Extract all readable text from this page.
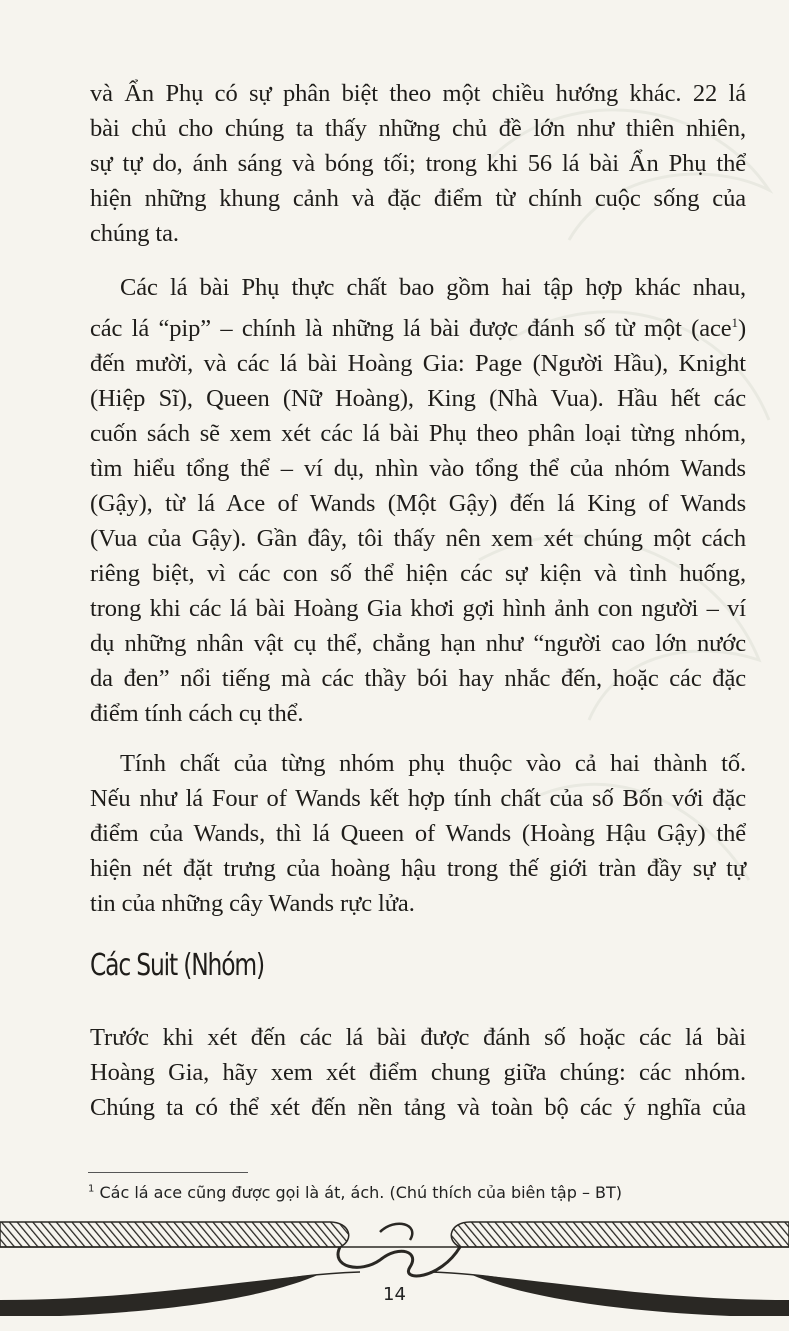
và Ẩn Phụ có sự phân biệt theo một chiều hướng khác. 22 lá
bài chủ cho chúng ta thấy những chủ đề lớn như thiên nhiên,
sự tự do, ánh sáng và bóng tối; trong khi 56 lá bài Ẩn Phụ thể
hiện những khung cảnh và đặc điểm từ chính cuộc sống của
chúng ta.

Các lá bài Phụ thực chất bao gồm hai tập hợp khác nhau,
các lá “pip” – chính là những lá bài được đánh số từ một (ace$^1$)
đến mười, và các lá bài Hoàng Gia: Page (Người Hầu), Knight
(Hiệp Sĩ), Queen (Nữ Hoàng), King (Nhà Vua). Hầu hết các
cuốn sách sẽ xem xét các lá bài Phụ theo phân loại từng nhóm,
tìm hiểu tổng thể – ví dụ, nhìn vào tổng thể của nhóm Wands
(Gậy), từ lá Ace of Wands (Một Gậy) đến lá King of Wands
(Vua của Gậy). Gần đây, tôi thấy nên xem xét chúng một cách
riêng biệt, vì các con số thể hiện các sự kiện và tình huống,
trong khi các lá bài Hoàng Gia khơi gợi hình ảnh con người – ví
dụ những nhân vật cụ thể, chẳng hạn như “người cao lớn nước
da đen” nổi tiếng mà các thầy bói hay nhắc đến, hoặc các đặc
điểm tính cách cụ thể.

Tính chất của từng nhóm phụ thuộc vào cả hai thành tố.
Nếu như lá Four of Wands kết hợp tính chất của số Bốn với đặc
điểm của Wands, thì lá Queen of Wands (Hoàng Hậu Gậy) thể
hiện nét đặt trưng của hoàng hậu trong thế giới tràn đầy sự tự
tin của những cây Wands rực lửa.

Các Suit (Nhóm)

Trước khi xét đến các lá bài được đánh số hoặc các lá bài
Hoàng Gia, hãy xem xét điểm chung giữa chúng: các nhóm.
Chúng ta có thể xét đến nền tảng và toàn bộ các ý nghĩa của

$^1$ Các lá ace cũng được gọi là át, ách. (Chú thích của biên tập – BT)
14
